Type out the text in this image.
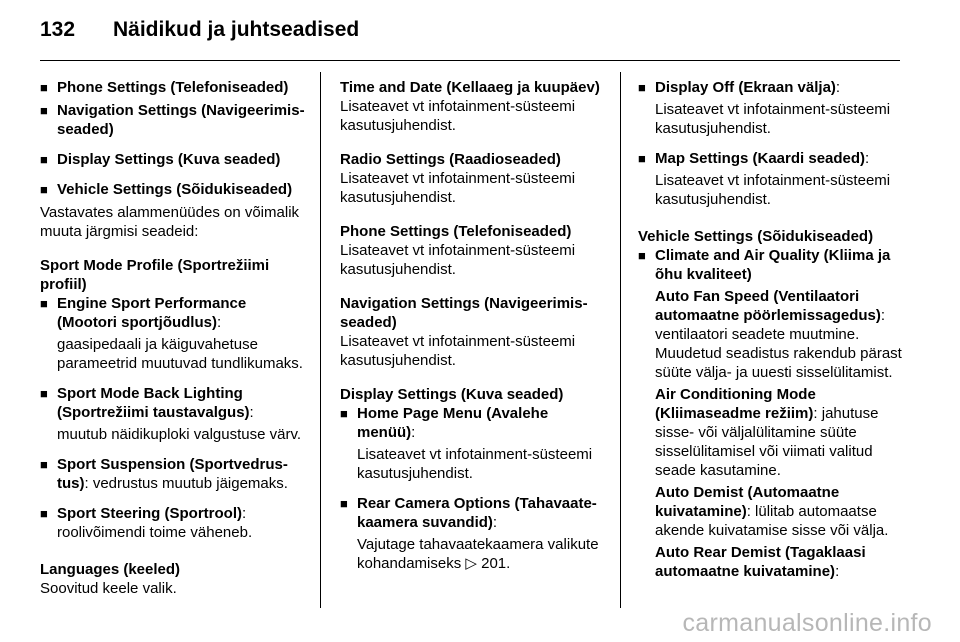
132 Näidikud ja juhtseadised
■ Phone Settings (Telefoniseaded)
■ Navigation Settings (Navigeerimis-seaded)
■ Display Settings (Kuva seaded)
■ Vehicle Settings (Sõidukiseaded)

Vastavates alammenüüdes on võimalik muuta järgmisi seadeid:

Sport Mode Profile (Sportrežiimi profiil)

■ Engine Sport Performance (Mootori sportjõudlus):

gaasipedaali ja käiguvahetuse parameetrid muutuvad tundlikumaks.

■ Sport Mode Back Lighting (Sportrežiimi taustavalgus):

muutub näidikuploki valgustuse värv.

■ Sport Suspension (Sportvedrus-tus): vedrustus muutub jäigemaks.
■ Sport Steering (Sportrool):
roolivõimendi toime väheneb.

Languages (keeled)

Soovitud keele valik.

Time and Date (Kellaaeg ja kuupäev)

Lisateavet vt infotainment-süsteemi kasutusjuhendist.

Radio Settings (Raadioseaded)

Lisateavet vt infotainment-süsteemi kasutusjuhendist.

Phone Settings (Telefoniseaded)

Lisateavet vt infotainment-süsteemi kasutusjuhendist.

Navigation Settings (Navigeerimis-seaded)

Lisateavet vt infotainment-süsteemi kasutusjuhendist.

Display Settings (Kuva seaded)

■ Home Page Menu (Avalehe menüü):

Lisateavet vt infotainment-süsteemi kasutusjuhendist.

■ Rear Camera Options (Tahavaate-kaamera suvandid):

Vajutage tahavaatekaamera valikute kohandamiseks ▷ 201.

■ Display Off (Ekraan välja):

Lisateavet vt infotainment-süsteemi kasutusjuhendist.

■ Map Settings (Kaardi seaded):

Lisateavet vt infotainment-süsteemi kasutusjuhendist.

Vehicle Settings (Sõidukiseaded)

■ Climate and Air Quality (Kliima ja õhu kvaliteet)

Auto Fan Speed (Ventilaatori automaatne pöörlemissagedus): ventilaatori seadete muutmine. Muudetud seadistus rakendub pärast süüte välja- ja uuesti sisselülitamist.

Air Conditioning Mode (Kliimaseadme režiim): jahutuse sisse- või väljalülitamine süüte sisselülitamisel või viimati valitud seade kasutamine.

Auto Demist (Automaatne kuivatamine): lülitab automaatse akende kuivatamise sisse või välja.

Auto Rear Demist (Tagaklaasi automaatne kuivatamine):

carmanualsonline.info
